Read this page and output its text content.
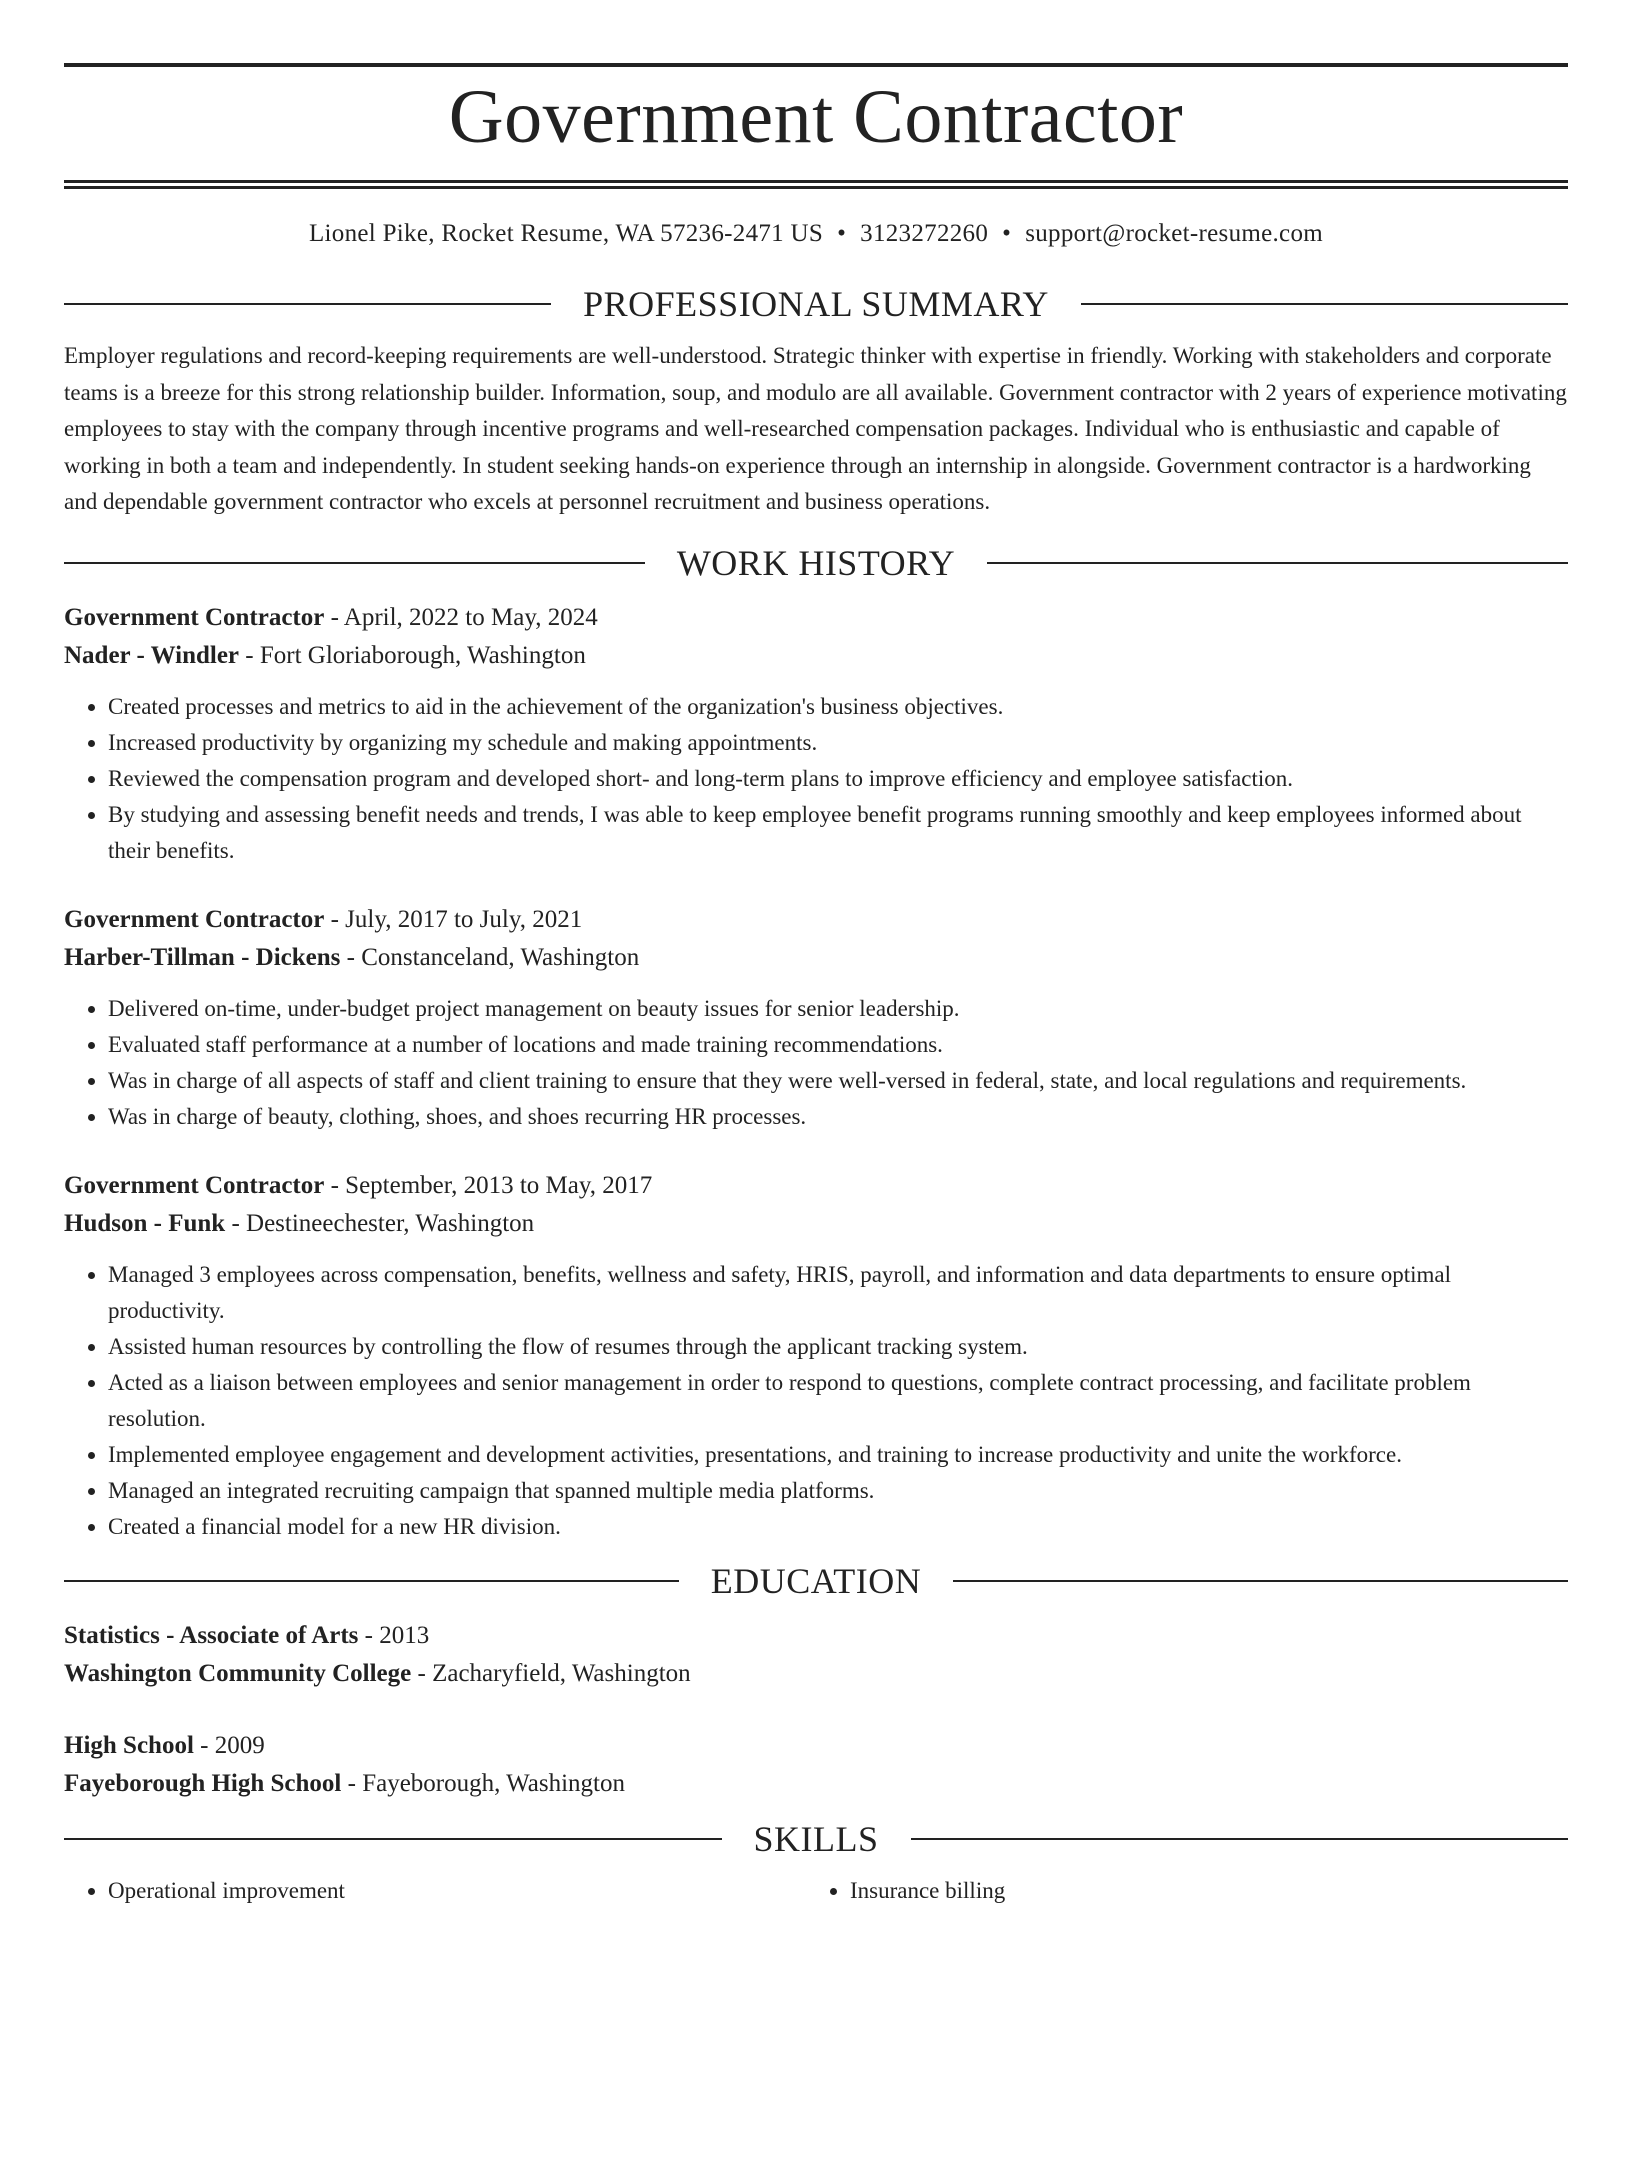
Government Contractor
Lionel Pike, Rocket Resume, WA 57236-2471 US • 3123272260 • support@rocket-resume.com
PROFESSIONAL SUMMARY

Employer regulations and record-keeping requirements are well-understood. Strategic thinker with expertise in friendly. Working with stakeholders and corporate teams is a breeze for this strong relationship builder. Information, soup, and modulo are all available. Government contractor with 2 years of experience motivating employees to stay with the company through incentive programs and well-researched compensation packages. Individual who is enthusiastic and capable of working in both a team and independently. In student seeking hands-on experience through an internship in alongside. Government contractor is a hardworking and dependable government contractor who excels at personnel recruitment and business operations.

WORK HISTORY
Government Contractor - April, 2022 to May, 2024
Nader - Windler - Fort Gloriaborough, Washington
• Created processes and metrics to aid in the achievement of the organization's business objectives.
• Increased productivity by organizing my schedule and making appointments.
• Reviewed the compensation program and developed short- and long-term plans to improve efficiency and employee satisfaction.
• By studying and assessing benefit needs and trends, I was able to keep employee benefit programs running smoothly and keep employees informed about their benefits.
Government Contractor - July, 2017 to July, 2021
Harber-Tillman - Dickens - Constanceland, Washington
• Delivered on-time, under-budget project management on beauty issues for senior leadership.
• Evaluated staff performance at a number of locations and made training recommendations.
• Was in charge of all aspects of staff and client training to ensure that they were well-versed in federal, state, and local regulations and requirements.
• Was in charge of beauty, clothing, shoes, and shoes recurring HR processes.
Government Contractor - September, 2013 to May, 2017
Hudson - Funk - Destineechester, Washington
• Managed 3 employees across compensation, benefits, wellness and safety, HRIS, payroll, and information and data departments to ensure optimal productivity.
• Assisted human resources by controlling the flow of resumes through the applicant tracking system.
• Acted as a liaison between employees and senior management in order to respond to questions, complete contract processing, and facilitate problem resolution.
• Implemented employee engagement and development activities, presentations, and training to increase productivity and unite the workforce.
• Managed an integrated recruiting campaign that spanned multiple media platforms.
• Created a financial model for a new HR division.
EDUCATION
Statistics - Associate of Arts - 2013
Washington Community College - Zacharyfield, Washington
High School - 2009
Fayeborough High School - Fayeborough, Washington
SKILLS
• Operational improvement
•	Insurance billing
